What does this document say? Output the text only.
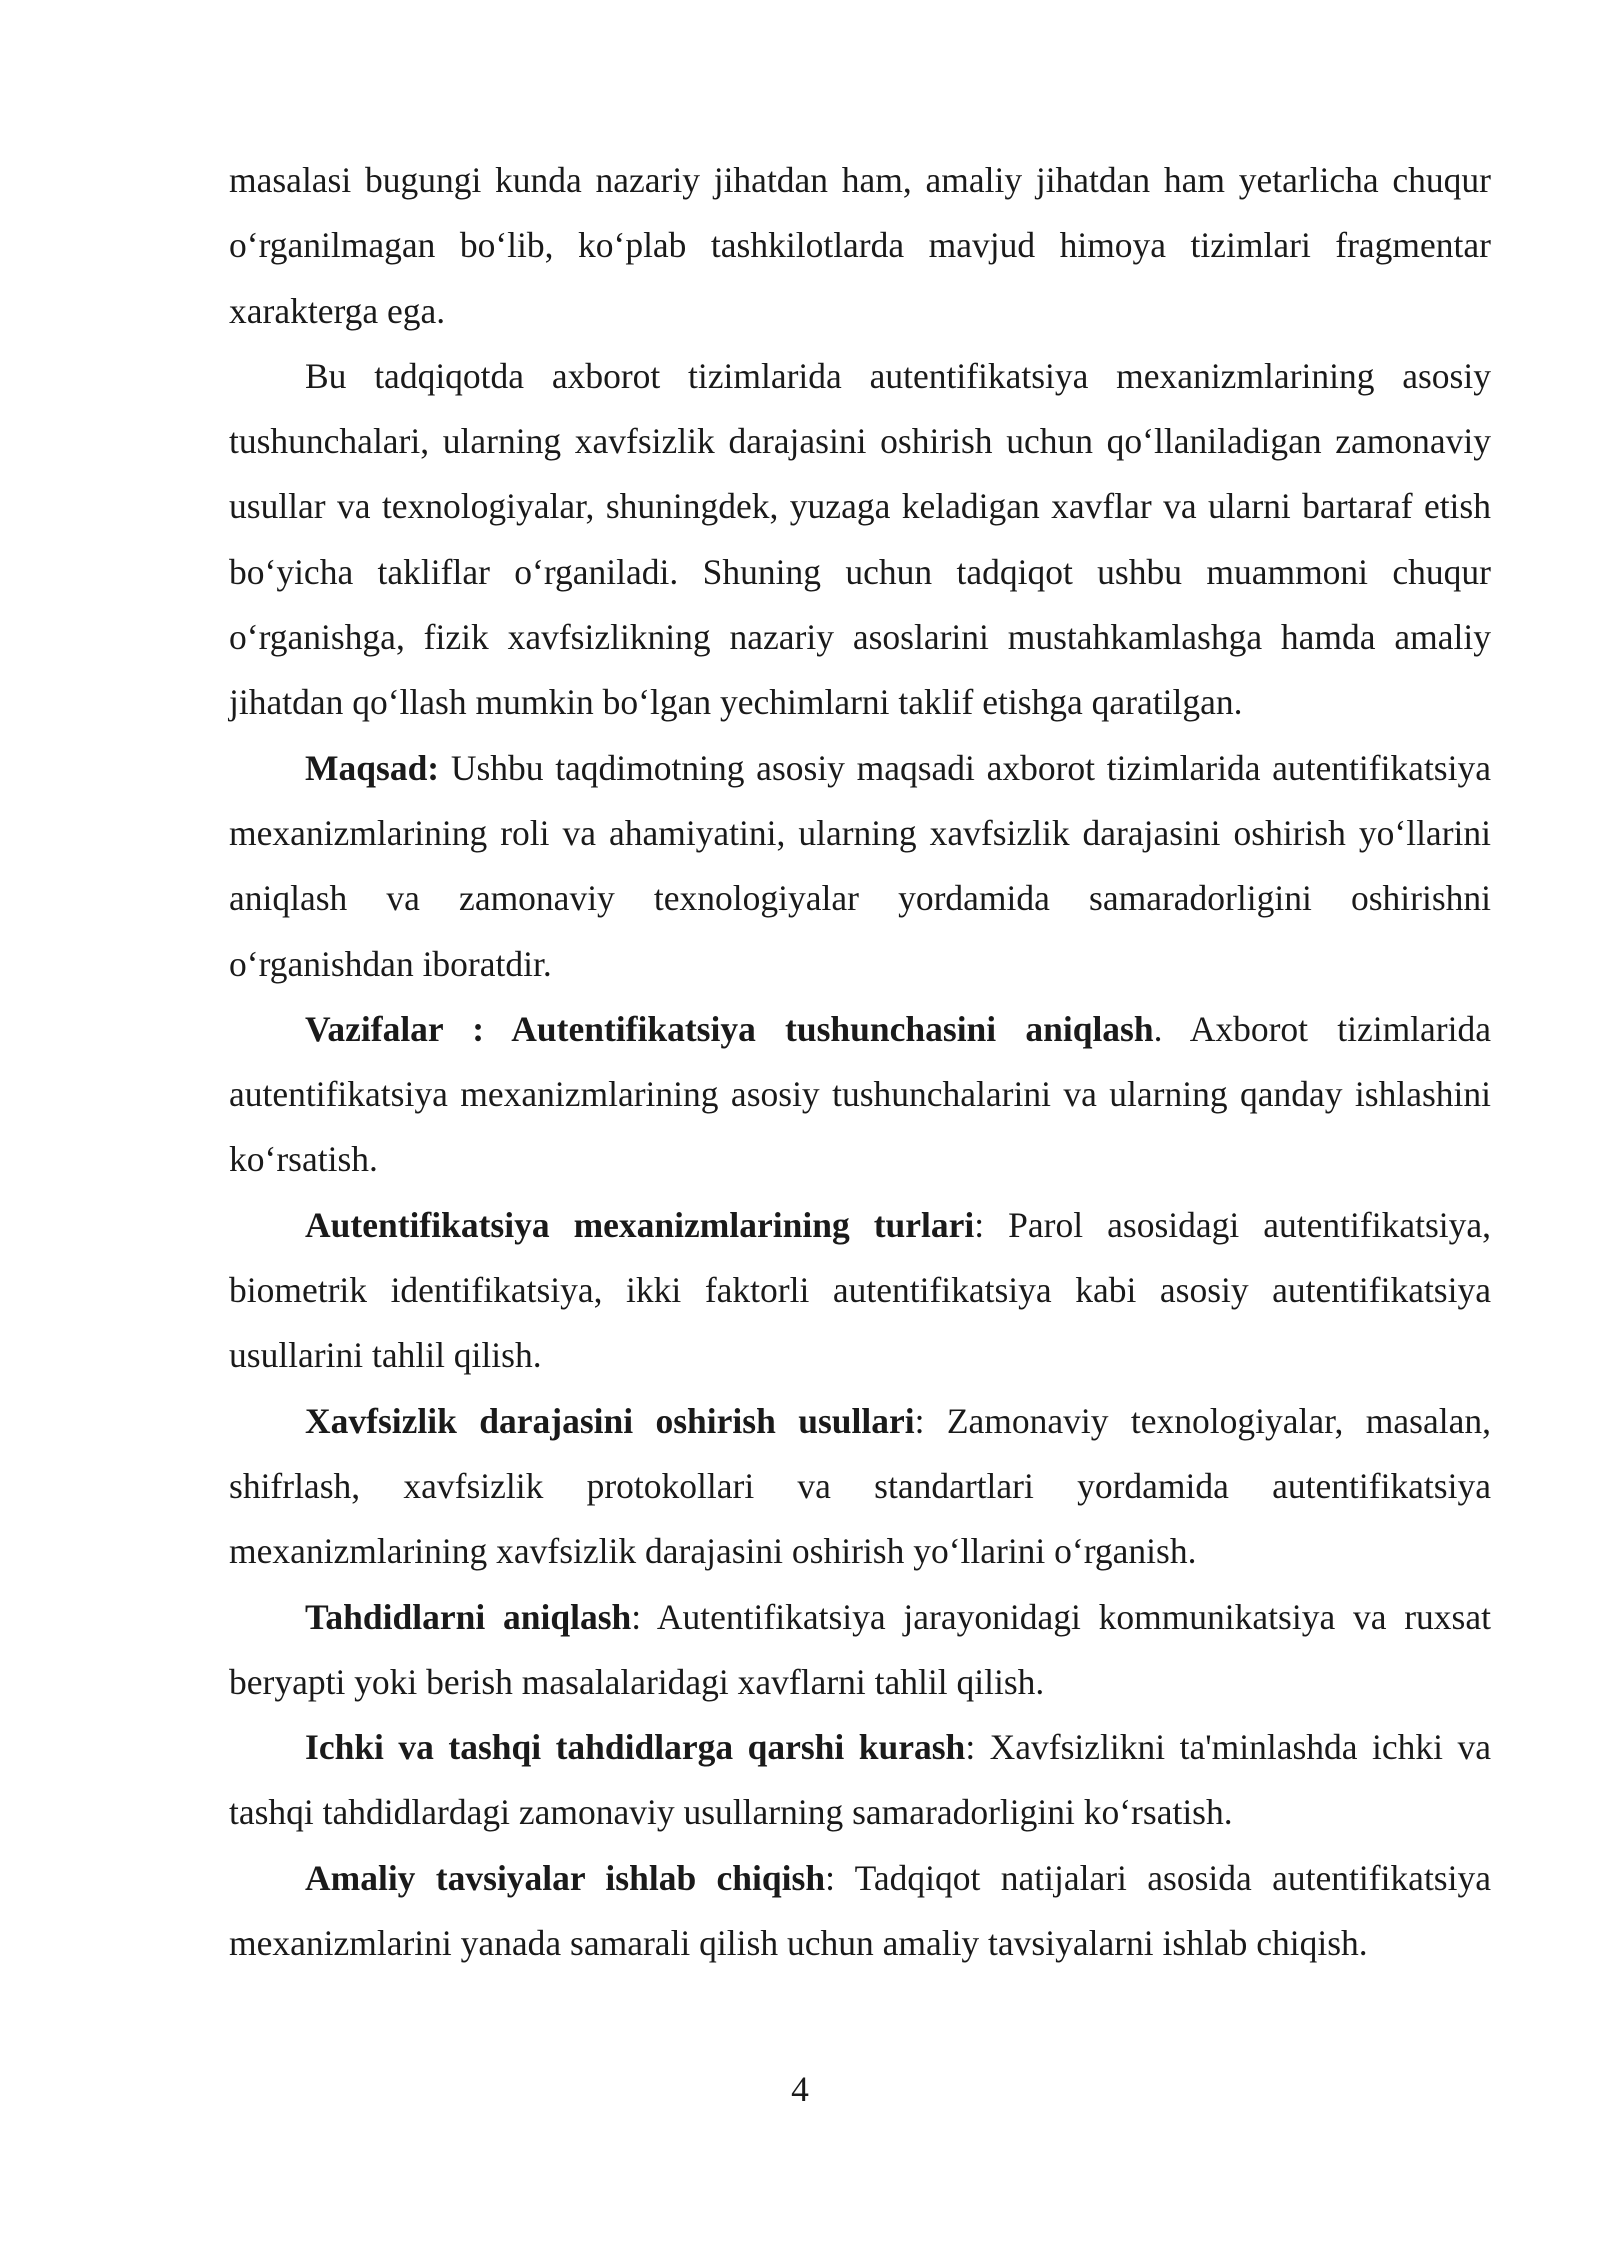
masalasi bugungi kunda nazariy jihatdan ham, amaliy jihatdan ham yetarlicha chuqur o‘rganilmagan bo‘lib, ko‘plab tashkilotlarda mavjud himoya tizimlari fragmentar xarakterga ega.

Bu tadqiqotda axborot tizimlarida autentifikatsiya mexanizmlarining asosiy tushunchalari, ularning xavfsizlik darajasini oshirish uchun qo‘llaniladigan zamonaviy usullar va texnologiyalar, shuningdek, yuzaga keladigan xavflar va ularni bartaraf etish bo‘yicha takliflar o‘rganiladi. Shuning uchun tadqiqot ushbu muammoni chuqur o‘rganishga, fizik xavfsizlikning nazariy asoslarini mustahkamlashga hamda amaliy jihatdan qo‘llash mumkin bo‘lgan yechimlarni taklif etishga qaratilgan.

Maqsad: Ushbu taqdimotning asosiy maqsadi axborot tizimlarida autentifikatsiya mexanizmlarining roli va ahamiyatini, ularning xavfsizlik darajasini oshirish yo‘llarini aniqlash va zamonaviy texnologiyalar yordamida samaradorligini oshirishni o‘rganishdan iboratdir.

Vazifalar : Autentifikatsiya tushunchasini aniqlash. Axborot tizimlarida autentifikatsiya mexanizmlarining asosiy tushunchalarini va ularning qanday ishlashini ko‘rsatish.

Autentifikatsiya mexanizmlarining turlari: Parol asosidagi autentifikatsiya, biometrik identifikatsiya, ikki faktorli autentifikatsiya kabi asosiy autentifikatsiya usullarini tahlil qilish.

Xavfsizlik darajasini oshirish usullari: Zamonaviy texnologiyalar, masalan, shifrlash, xavfsizlik protokollari va standartlari yordamida autentifikatsiya mexanizmlarining xavfsizlik darajasini oshirish yo‘llarini o‘rganish.

Tahdidlarni aniqlash: Autentifikatsiya jarayonidagi kommunikatsiya va ruxsat beryapti yoki berish masalalaridagi xavflarni tahlil qilish.

Ichki va tashqi tahdidlarga qarshi kurash: Xavfsizlikni ta'minlashda ichki va tashqi tahdidlardagi zamonaviy usullarning samaradorligini ko‘rsatish.

Amaliy tavsiyalar ishlab chiqish: Tadqiqot natijalari asosida autentifikatsiya mexanizmlarini yanada samarali qilish uchun amaliy tavsiyalarni ishlab chiqish.

4
